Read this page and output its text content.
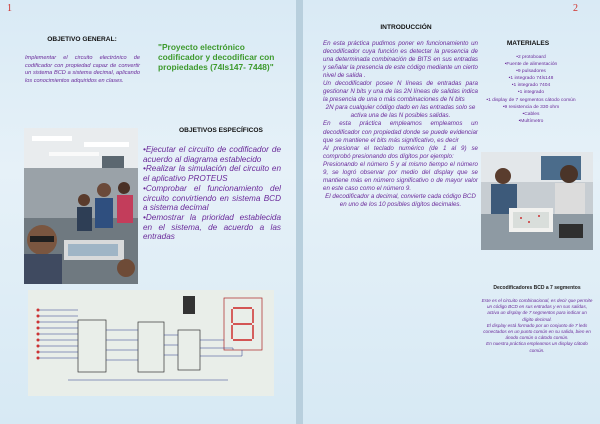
1
OBJETIVO GENERAL:
Implementar el circuito electrónico de codificador con propiedad capaz de convertir un sistema BCD a sistema decimal, aplicando los conocimientos adquiridos en clases.
"Proyecto electrónico codificador y decodificar con propiedades (74ls147- 7448)"
OBJETIVOS ESPECÍFICOS
•Ejecutar el circuito de codificador de acuerdo al diagrama establecido
•Realizar la simulación del circuito en el aplicativo PROTEUS
•Comprobar el funcionamiento del circuito convirtiendo en sistema BCD a sistema decimal
•Demostrar la prioridad establecida en el sistema, de acuerdo a las entradas
2
INTRODUCCIÓN

En esta práctica pudimos poner en funcionamiento un decodificador cuya función es detectar la presencia de una determinada combinación de BITS en sus entradas y señalar la presencia de este código mediante un cierto nivel de salida .

Un decodificador posee N líneas de entradas para gestionar N bits y una de las 2N líneas de salidas indica la presencia de una o más combinaciones de N bits

2N para cualquier código dado en las entradas solo se activa una de las N posibles salidas.

En esta práctica empleamos empleamos un decodificador con propiedad donde se puede evidenciar que se mantiene el bits más significativo, es decir

Al presionar el teclado numérico (de 1 al 9) se comprobó presionando dos dígitos por ejemplo:

Presionando el número 5 y al mismo tiempo el número 9, se logró observar por medio del display que se mantiene más en número significativo o de mayor valor en este caso como el número 9.

El decodificador a decimal, convierte cada código BCD en uno de los 10 posibles dígitos decimales.

MATERIALES
•2 protoboard
•Fuente de alimentación
•9 pulsadores
•1 integrado 74ls148
•1 integrado 7404
•1 integrado
•1 display de 7 segmentos cátodo común
•9 resistencia de 330 ohm
•Cables
•Multímetro
Decodificadores BCD a 7 segmentos

Este es el circuito combinacional, es decir que permite un código BCD en sus entradas y en sus salidas, activa un display de 7 segmentos para indicar un dígito decimal.

El display está formado por un conjunto de 7 leds conectados en un punto común en su salida, bien en ánodo común o cátodo común.

En nuestra práctica empleamos un display cátodo común.
